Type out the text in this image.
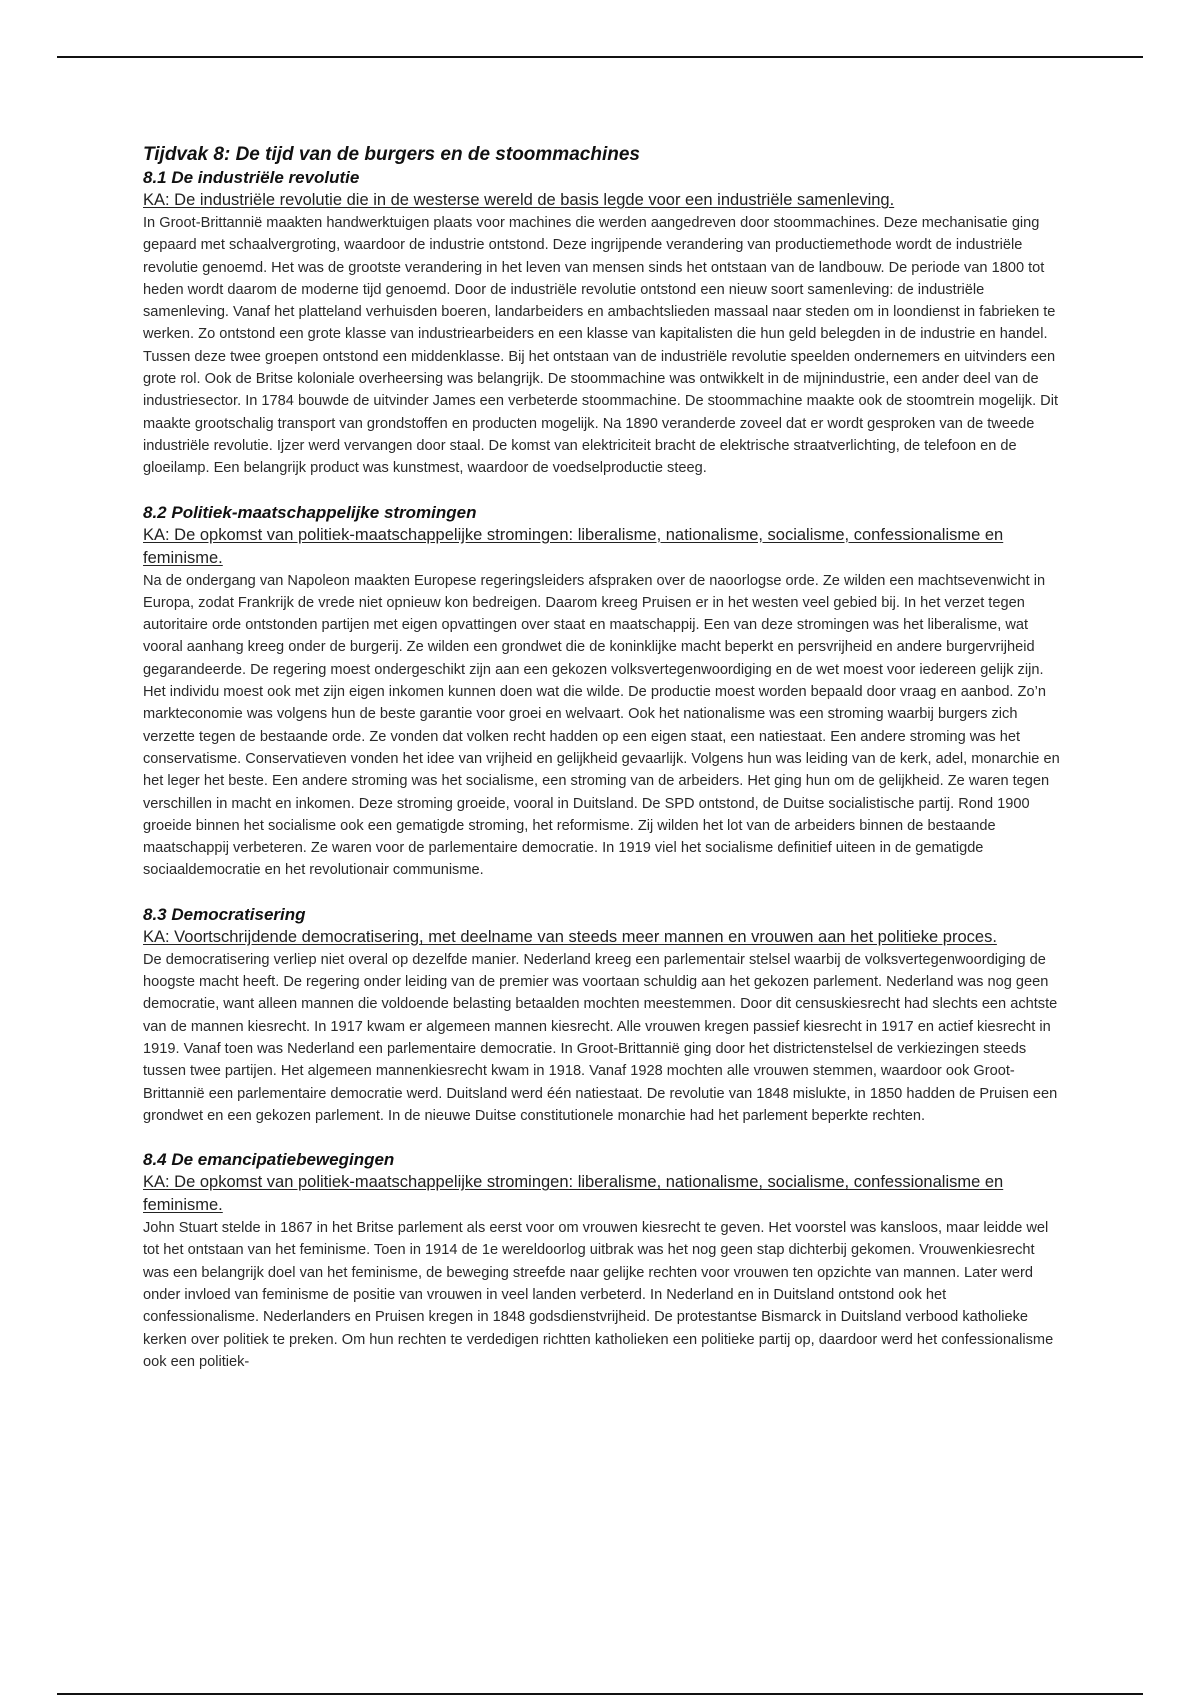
Tijdvak 8: De tijd van de burgers en de stoommachines
8.1 De industriële revolutie

KA: De industriële revolutie die in de westerse wereld de basis legde voor een industriële samenleving.

In Groot-Brittannië maakten handwerktuigen plaats voor machines die werden aangedreven door stoommachines. Deze mechanisatie ging gepaard met schaalvergroting, waardoor de industrie ontstond. Deze ingrijpende verandering van productiemethode wordt de industriële revolutie genoemd. Het was de grootste verandering in het leven van mensen sinds het ontstaan van de landbouw. De periode van 1800 tot heden wordt daarom de moderne tijd genoemd. Door de industriële revolutie ontstond een nieuw soort samenleving: de industriële samenleving. Vanaf het platteland verhuisden boeren, landarbeiders en ambachtslieden massaal naar steden om in loondienst in fabrieken te werken. Zo ontstond een grote klasse van industriearbeiders en een klasse van kapitalisten die hun geld belegden in de industrie en handel. Tussen deze twee groepen ontstond een middenklasse. Bij het ontstaan van de industriële revolutie speelden ondernemers en uitvinders een grote rol. Ook de Britse koloniale overheersing was belangrijk. De stoommachine was ontwikkelt in de mijnindustrie, een ander deel van de industriesector. In 1784 bouwde de uitvinder James een verbeterde stoommachine. De stoommachine maakte ook de stoomtrein mogelijk. Dit maakte grootschalig transport van grondstoffen en producten mogelijk. Na 1890 veranderde zoveel dat er wordt gesproken van de tweede industriële revolutie. Ijzer werd vervangen door staal. De komst van elektriciteit bracht de elektrische straatverlichting, de telefoon en de gloeilamp. Een belangrijk product was kunstmest, waardoor de voedselproductie steeg.

8.2 Politiek-maatschappelijke stromingen

KA: De opkomst van politiek-maatschappelijke stromingen: liberalisme, nationalisme, socialisme, confessionalisme en feminisme.

Na de ondergang van Napoleon maakten Europese regeringsleiders afspraken over de naoorlogse orde. Ze wilden een machtsevenwicht in Europa, zodat Frankrijk de vrede niet opnieuw kon bedreigen. Daarom kreeg Pruisen er in het westen veel gebied bij. In het verzet tegen autoritaire orde ontstonden partijen met eigen opvattingen over staat en maatschappij. Een van deze stromingen was het liberalisme, wat vooral aanhang kreeg onder de burgerij. Ze wilden een grondwet die de koninklijke macht beperkt en persvrijheid en andere burgervrijheid gegarandeerde. De regering moest ondergeschikt zijn aan een gekozen volksvertegenwoordiging en de wet moest voor iedereen gelijk zijn. Het individu moest ook met zijn eigen inkomen kunnen doen wat die wilde. De productie moest worden bepaald door vraag en aanbod. Zo’n markteconomie was volgens hun de beste garantie voor groei en welvaart. Ook het nationalisme was een stroming waarbij burgers zich verzette tegen de bestaande orde. Ze vonden dat volken recht hadden op een eigen staat, een natiestaat. Een andere stroming was het conservatisme. Conservatieven vonden het idee van vrijheid en gelijkheid gevaarlijk. Volgens hun was leiding van de kerk, adel, monarchie en het leger het beste. Een andere stroming was het socialisme, een stroming van de arbeiders. Het ging hun om de gelijkheid. Ze waren tegen verschillen in macht en inkomen. Deze stroming groeide, vooral in Duitsland. De SPD ontstond, de Duitse socialistische partij. Rond 1900 groeide binnen het socialisme ook een gematigde stroming, het reformisme. Zij wilden het lot van de arbeiders binnen de bestaande maatschappij verbeteren. Ze waren voor de parlementaire democratie. In 1919 viel het socialisme definitief uiteen in de gematigde sociaaldemocratie en het revolutionair communisme.

8.3 Democratisering

KA: Voortschrijdende democratisering, met deelname van steeds meer mannen en vrouwen aan het politieke proces.

De democratisering verliep niet overal op dezelfde manier. Nederland kreeg een parlementair stelsel waarbij de volksvertegenwoordiging de hoogste macht heeft. De regering onder leiding van de premier was voortaan schuldig aan het gekozen parlement. Nederland was nog geen democratie, want alleen mannen die voldoende belasting betaalden mochten meestemmen. Door dit censuskiesrecht had slechts een achtste van de mannen kiesrecht. In 1917 kwam er algemeen mannen kiesrecht. Alle vrouwen kregen passief kiesrecht in 1917 en actief kiesrecht in 1919. Vanaf toen was Nederland een parlementaire democratie. In Groot-Brittannië ging door het districtenstelsel de verkiezingen steeds tussen twee partijen. Het algemeen mannenkiesrecht kwam in 1918. Vanaf 1928 mochten alle vrouwen stemmen, waardoor ook Groot-Brittannië een parlementaire democratie werd. Duitsland werd één natiestaat. De revolutie van 1848 mislukte, in 1850 hadden de Pruisen een grondwet en een gekozen parlement. In de nieuwe Duitse constitutionele monarchie had het parlement beperkte rechten.

8.4 De emancipatiebewegingen

KA: De opkomst van politiek-maatschappelijke stromingen: liberalisme, nationalisme, socialisme, confessionalisme en feminisme.

John Stuart stelde in 1867 in het Britse parlement als eerst voor om vrouwen kiesrecht te geven. Het voorstel was kansloos, maar leidde wel tot het ontstaan van het feminisme. Toen in 1914 de 1e wereldoorlog uitbrak was het nog geen stap dichterbij gekomen. Vrouwenkiesrecht was een belangrijk doel van het feminisme, de beweging streefde naar gelijke rechten voor vrouwen ten opzichte van mannen. Later werd onder invloed van feminisme de positie van vrouwen in veel landen verbeterd. In Nederland en in Duitsland ontstond ook het confessionalisme. Nederlanders en Pruisen kregen in 1848 godsdienstvrijheid. De protestantse Bismarck in Duitsland verbood katholieke kerken over politiek te preken. Om hun rechten te verdedigen richtten katholieken een politieke partij op, daardoor werd het confessionalisme ook een politiek-
